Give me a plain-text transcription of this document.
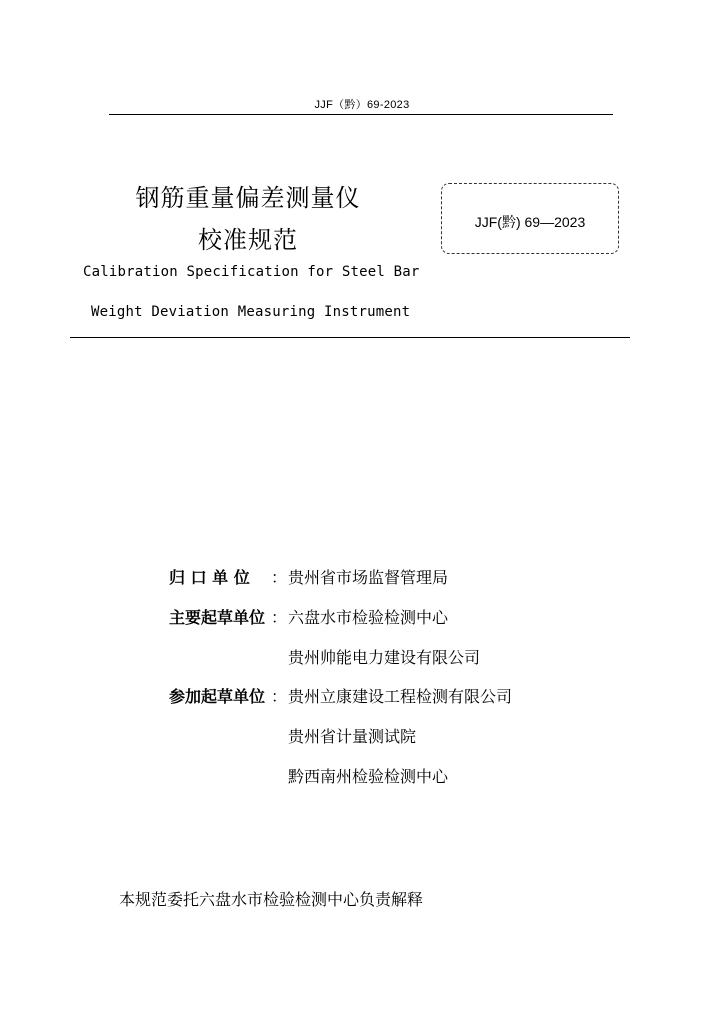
JJF（黔）69-2023
钢筋重量偏差测量仪
校准规范
JJF(黔) 69—2023
Calibration Specification for Steel Bar
Weight Deviation Measuring Instrument
归 口 单 位	： 贵州省市场监督管理局
主要起草单位 ： 六盘水市检验检测中心
贵州帅能电力建设有限公司
参加起草单位 ： 贵州立康建设工程检测有限公司
贵州省计量测试院
黔西南州检验检测中心
本规范委托六盘水市检验检测中心负责解释
